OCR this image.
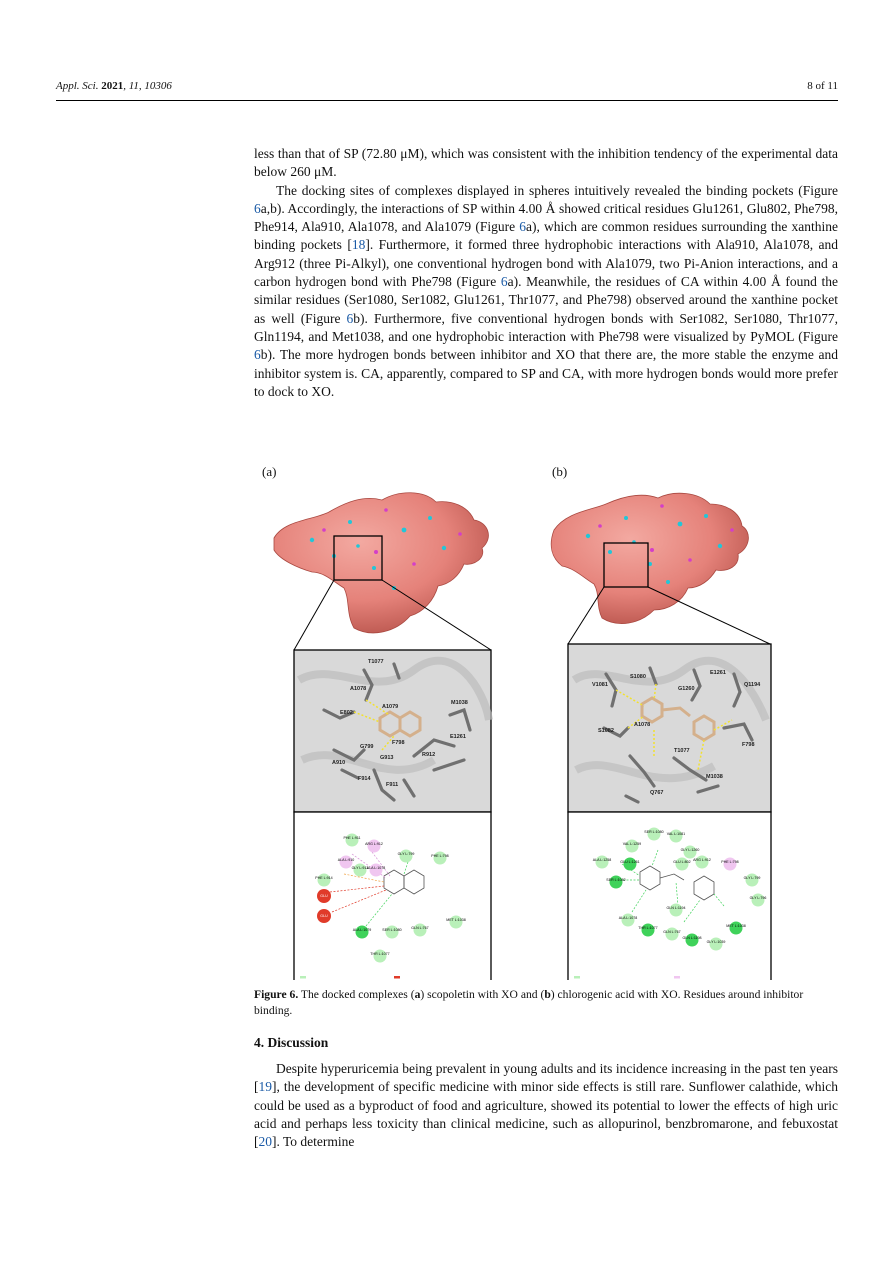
Appl. Sci. 2021, 11, 10306	8 of 11

less than that of SP (72.80 μM), which was consistent with the inhibition tendency of the experimental data below 260 μM.

The docking sites of complexes displayed in spheres intuitively revealed the binding pockets (Figure 6a,b). Accordingly, the interactions of SP within 4.00 Å showed critical residues Glu1261, Glu802, Phe798, Phe914, Ala910, Ala1078, and Ala1079 (Figure 6a), which are common residues surrounding the xanthine binding pockets [18]. Furthermore, it formed three hydrophobic interactions with Ala910, Ala1078, and Arg912 (three Pi-Alkyl), one conventional hydrogen bond with Ala1079, two Pi-Anion interactions, and a carbon hydrogen bond with Phe798 (Figure 6a). Meanwhile, the residues of CA within 4.00 Å found the similar residues (Ser1080, Ser1082, Glu1261, Thr1077, and Phe798) observed around the xanthine pocket as well (Figure 6b). Furthermore, five conventional hydrogen bonds with Ser1082, Ser1080, Thr1077, Gln1194, and Met1038, and one hydrophobic interaction with Phe798 were visualized by PyMOL (Figure 6b). The more hydrogen bonds between inhibitor and XO that there are, the more stable the enzyme and inhibitor system is. CA, apparently, compared to SP and CA, with more hydrogen bonds would more prefer to dock to XO.

(a)	(b)
T1077
A1078
A1079
E802
M1038
G799
F798
E1261
G913	R912
A910
F914
F911
S1080
V1081
E1261
G1260
Q1194
S1082
A1078
F798
T1077
Q767
M1038
PHE L:911
ARG L:912
ALA L:910
GLY L:913
ALA L:1078
GLY L:799	PHE L:798
PHE L:914
GLU
GLU
ALA L:1079	SER L:1080	GLN L:767
MET L:1038
THR L:1077
SER L:1080 VAL L:1081
VAL L:1259
GLY L:1260
ALA L:1258	GLU L:1261
SER L:1082
GLU L:802 ARG L:912	PHE L:798
GLY L:799
GLY L:796
GLN L:1194
ALA L:1078
THR L:1077
GLN L:767
MET L:1038
GLN L:1198
GLY L:1039
Figure 6. The docked complexes (a) scopoletin with XO and (b) chlorogenic acid with XO. Residues around inhibitor binding.
4. Discussion

Despite hyperuricemia being prevalent in young adults and its incidence increasing in the past ten years [19], the development of specific medicine with minor side effects is still rare. Sunflower calathide, which could be used as a byproduct of food and agriculture, showed its potential to lower the effects of high uric acid and perhaps less toxicity than clinical medicine, such as allopurinol, benzbromarone, and febuxostat [20]. To determine
